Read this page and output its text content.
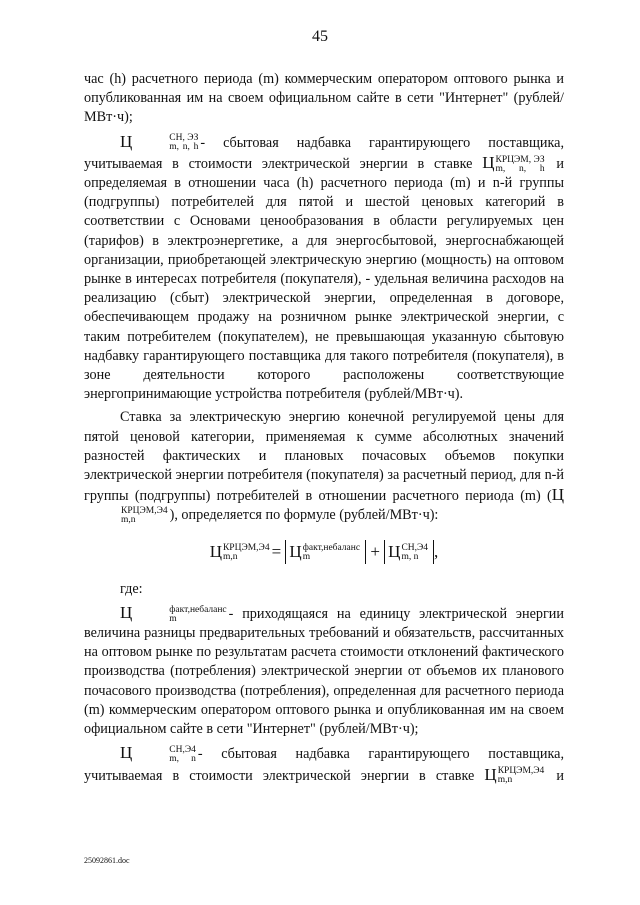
45

час (h) расчетного периода (m) коммерческим оператором оптового рынка и опубликованная им на своем официальном сайте в сети "Интернет" (рублей/МВт·ч);

Ц	СН, ЭЗ
m, n, h - сбытовая надбавка гарантирующего поставщика,

учитываемая в стоимости электрической энергии в ставке Ц КРЦЭМ, ЭЗ
m, n, h и

определяемая в отношении часа (h) расчетного периода (m) и n-й группы (подгруппы) потребителей для пятой и шестой ценовых категорий в соответствии с Основами ценообразования в области регулируемых цен (тарифов) в электроэнергетике, а для энергосбытовой, энергоснабжающей организации, приобретающей электрическую энергию (мощность) на оптовом рынке в интересах потребителя (покупателя), - удельная величина расходов на реализацию (сбыт) электрической энергии, определенная в договоре, обеспечивающем продажу на розничном рынке электрической энергии, с таким потребителем (покупателем), не превышающая указанную сбытовую надбавку гарантирующего поставщика для такого потребителя (покупателя), в зоне деятельности которого расположены соответствующие энергопринимающие устройства потребителя (рублей/МВт·ч).

Ставка за электрическую энергию конечной регулируемой цены для пятой ценовой категории, применяемая к сумме абсолютных значений разностей фактических и плановых почасовых объемов покупки электрической энергии потребителя (покупателя) за расчетный период, для n-й группы (подгруппы) потребителей в отношении расчетного периода (m) (Ц
КРЦЭМ,Э4
m,n	), определяется по формуле (рублей/МВт·ч):

Ц КРЦЭМ,Э4
m,n	= Ц факт,небаланс
m	+ Ц СН,Э4
m, n ,

где:

Ц	факт,небаланс
m	- приходящаяся на единицу электрической энергии

величина разницы предварительных требований и обязательств, рассчитанных на оптовом рынке по результатам расчета стоимости отклонений фактического производства (потребления) электрической энергии от объемов их планового почасового производства (потребления), определенная для расчетного периода (m) коммерческим оператором оптового рынка и опубликованная им на своем официальном сайте в сети "Интернет" (рублей/МВт·ч);

Ц	СН,Э4
m, n - сбытовая надбавка гарантирующего поставщика,

учитываемая в стоимости электрической энергии в ставке Ц КРЦЭМ,Э4
m,n	и

25092861.doc
